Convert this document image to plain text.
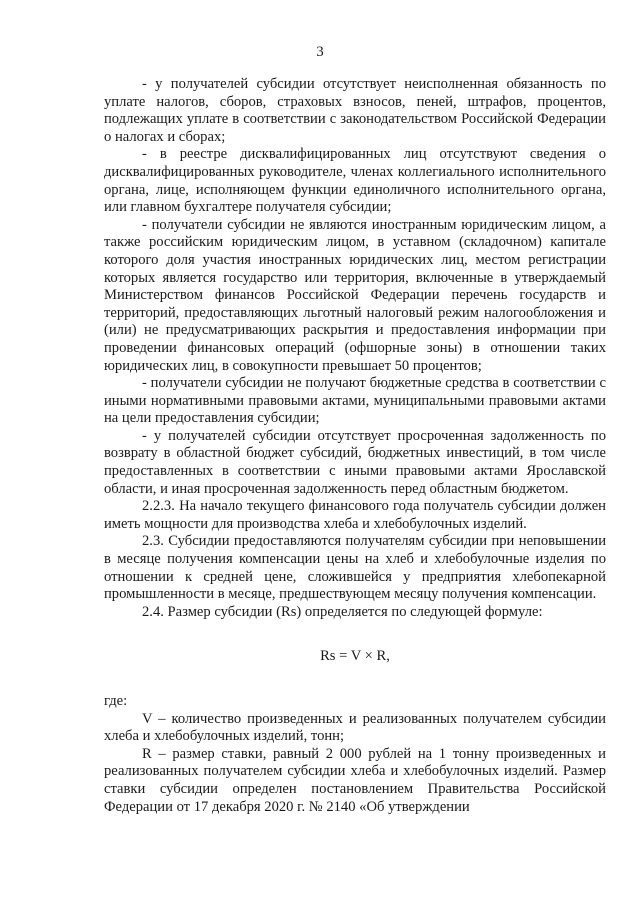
3

- у получателей субсидии отсутствует неисполненная обязанность по уплате налогов, сборов, страховых взносов, пеней, штрафов, процентов, подлежащих уплате в соответствии с законодательством Российской Федерации о налогах и сборах;

- в реестре дисквалифицированных лиц отсутствуют сведения о дисквалифицированных руководителе, членах коллегиального исполнительного органа, лице, исполняющем функции единоличного исполнительного органа, или главном бухгалтере получателя субсидии;

- получатели субсидии не являются иностранным юридическим лицом, а также российским юридическим лицом, в уставном (складочном) капитале которого доля участия иностранных юридических лиц, местом регистрации которых является государство или территория, включенные в утверждаемый Министерством финансов Российской Федерации перечень государств и территорий, предоставляющих льготный налоговый режим налогообложения и (или) не предусматривающих раскрытия и предоставления информации при проведении финансовых операций (офшорные зоны) в отношении таких юридических лиц, в совокупности превышает 50 процентов;

- получатели субсидии не получают бюджетные средства в соответствии с иными нормативными правовыми актами, муниципальными правовыми актами на цели предоставления субсидии;

- у получателей субсидии отсутствует просроченная задолженность по возврату в областной бюджет субсидий, бюджетных инвестиций, в том числе предоставленных в соответствии с иными правовыми актами Ярославской области, и иная просроченная задолженность перед областным бюджетом.

2.2.3. На начало текущего финансового года получатель субсидии должен иметь мощности для производства хлеба и хлебобулочных изделий.

2.3. Субсидии предоставляются получателям субсидии при неповышении в месяце получения компенсации цены на хлеб и хлебобулочные изделия по отношении к средней цене, сложившейся у предприятия хлебопекарной промышленности в месяце, предшествующем месяцу получения компенсации.

2.4. Размер субсидии (Rs) определяется по следующей формуле:

Rs = V × R,

где:

V – количество произведенных и реализованных получателем субсидии хлеба и хлебобулочных изделий, тонн;

R – размер ставки, равный 2 000 рублей на 1 тонну произведенных и реализованных получателем субсидии хлеба и хлебобулочных изделий. Размер ставки субсидии определен постановлением Правительства Российской Федерации от 17 декабря 2020 г. № 2140 «Об утверждении
